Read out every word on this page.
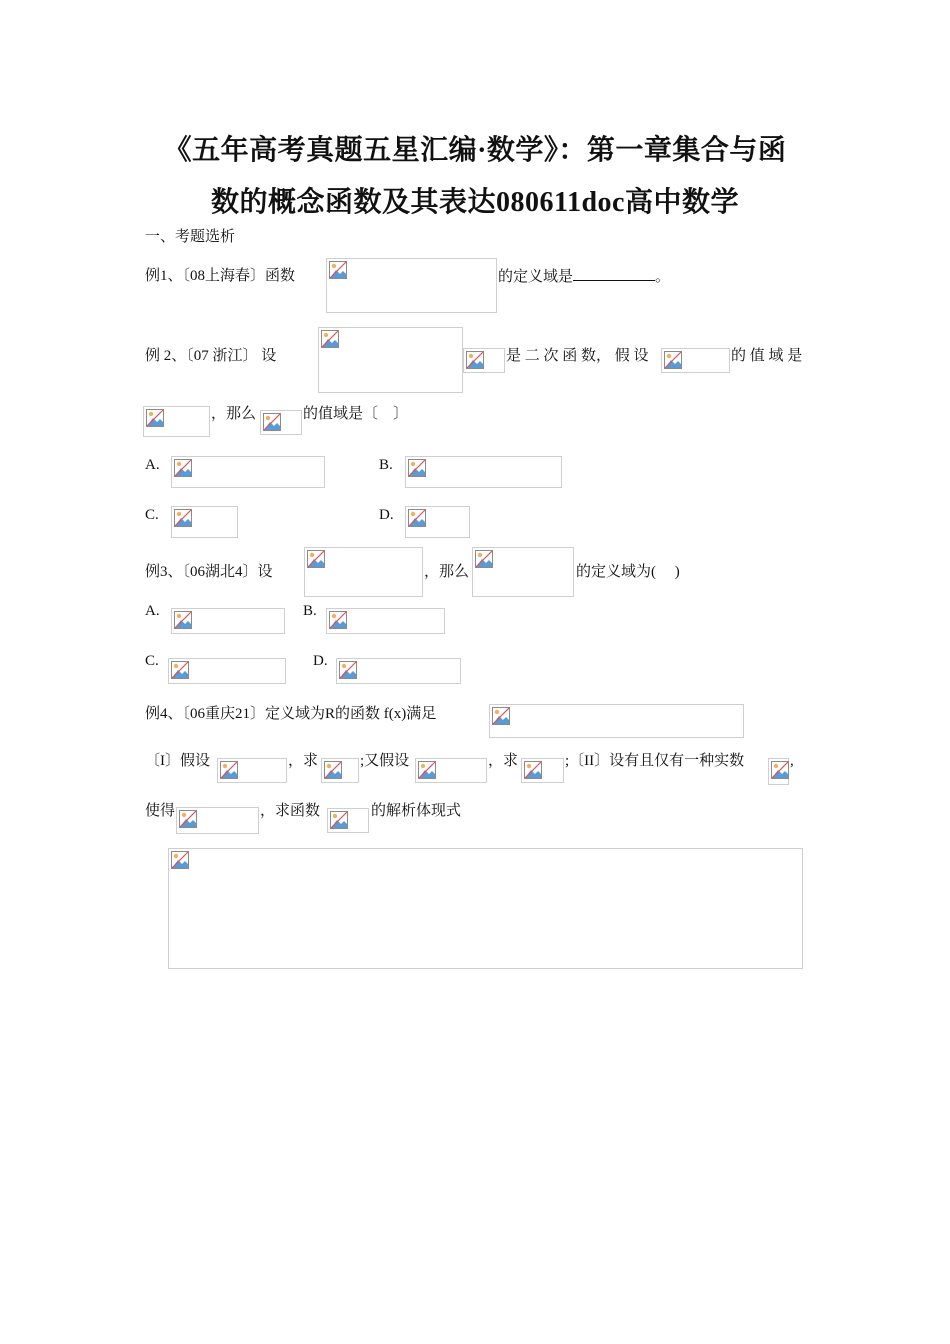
《五年高考真题五星汇编·数学》：第一章集合与函
数的概念函数及其表达080611doc高中数学
一、考题选析
例1、〔08上海春〕函数	的定义域是	。
例 2、〔07 浙江〕 设	是 二 次 函 数， 假 设	的 值 域 是
，那么	的值域是〔　〕
A.	B.
C.	D.
例3、〔06湖北4〕设	，那么	的定义域为(　 )
A.	B.
C.	D.
例4、〔06重庆21〕定义域为R的函数 f(x)满足
〔I〕假设	，求	;又假设	，求	;〔II〕设有且仅有一种实数	,
使得	，求函数	的解析体现式
